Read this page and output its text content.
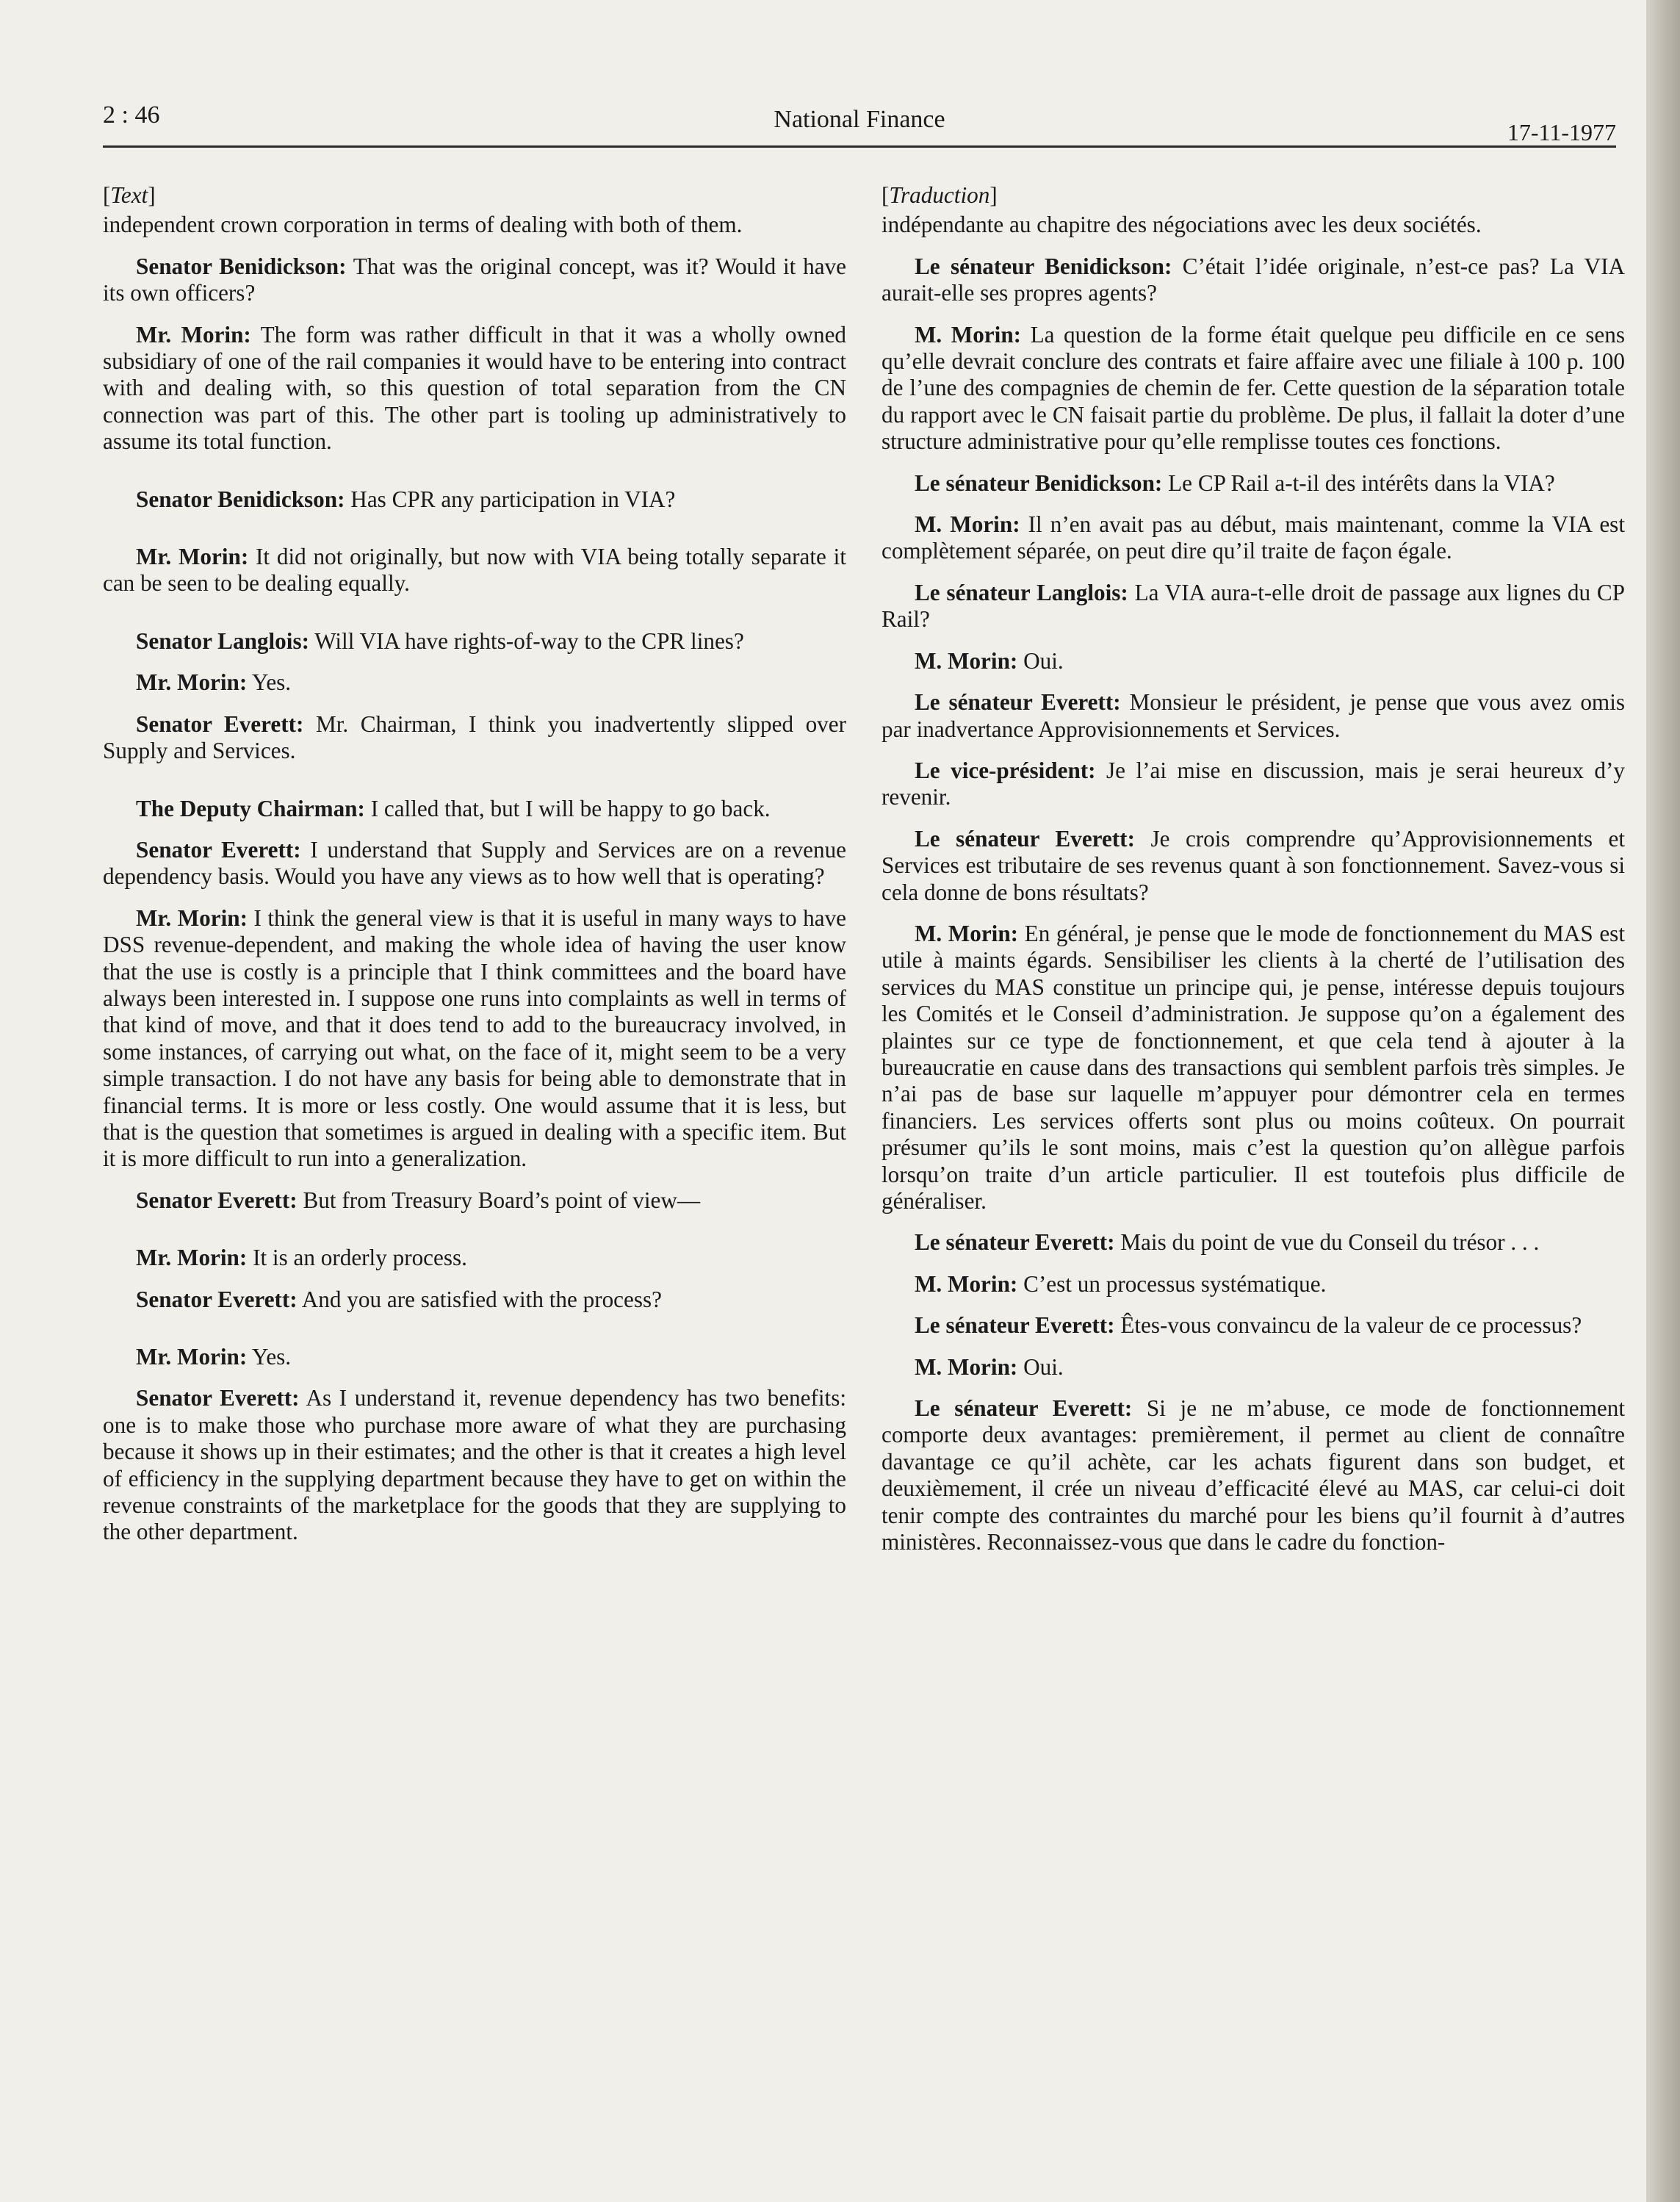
2 : 46	National Finance	17-11-1977

[Text]

independent crown corporation in terms of dealing with both of them.

Senator Benidickson: That was the original concept, was it? Would it have its own officers?

Mr. Morin: The form was rather difficult in that it was a wholly owned subsidiary of one of the rail companies it would have to be entering into contract with and dealing with, so this question of total separation from the CN connection was part of this. The other part is tooling up administratively to assume its total function.

Senator Benidickson: Has CPR any participation in VIA?

Mr. Morin: It did not originally, but now with VIA being totally separate it can be seen to be dealing equally.

Senator Langlois: Will VIA have rights-of-way to the CPR lines?

Mr. Morin: Yes.

Senator Everett: Mr. Chairman, I think you inadvertently slipped over Supply and Services.

The Deputy Chairman: I called that, but I will be happy to go back.

Senator Everett: I understand that Supply and Services are on a revenue dependency basis. Would you have any views as to how well that is operating?

Mr. Morin: I think the general view is that it is useful in many ways to have DSS revenue-dependent, and making the whole idea of having the user know that the use is costly is a principle that I think committees and the board have always been interested in. I suppose one runs into complaints as well in terms of that kind of move, and that it does tend to add to the bureaucracy involved, in some instances, of carrying out what, on the face of it, might seem to be a very simple transaction. I do not have any basis for being able to demonstrate that in financial terms. It is more or less costly. One would assume that it is less, but that is the question that sometimes is argued in dealing with a specific item. But it is more difficult to run into a generalization.

Senator Everett: But from Treasury Board’s point of view—

Mr. Morin: It is an orderly process.

Senator Everett: And you are satisfied with the process?

Mr. Morin: Yes.

Senator Everett: As I understand it, revenue dependency has two benefits: one is to make those who purchase more aware of what they are purchasing because it shows up in their estimates; and the other is that it creates a high level of efficiency in the supplying department because they have to get on within the revenue constraints of the marketplace for the goods that they are supplying to the other department.

[Traduction]

indépendante au chapitre des négociations avec les deux sociétés.

Le sénateur Benidickson: C’était l’idée originale, n’est-ce pas? La VIA aurait-elle ses propres agents?

M. Morin: La question de la forme était quelque peu difficile en ce sens qu’elle devrait conclure des contrats et faire affaire avec une filiale à 100 p. 100 de l’une des compagnies de chemin de fer. Cette question de la séparation totale du rapport avec le CN faisait partie du problème. De plus, il fallait la doter d’une structure administrative pour qu’elle remplisse toutes ces fonctions.

Le sénateur Benidickson: Le CP Rail a-t-il des intérêts dans la VIA?

M. Morin: Il n’en avait pas au début, mais maintenant, comme la VIA est complètement séparée, on peut dire qu’il traite de façon égale.

Le sénateur Langlois: La VIA aura-t-elle droit de passage aux lignes du CP Rail?

M. Morin: Oui.

Le sénateur Everett: Monsieur le président, je pense que vous avez omis par inadvertance Approvisionnements et Services.

Le vice-président: Je l’ai mise en discussion, mais je serai heureux d’y revenir.

Le sénateur Everett: Je crois comprendre qu’Approvisionnements et Services est tributaire de ses revenus quant à son fonctionnement. Savez-vous si cela donne de bons résultats?

M. Morin: En général, je pense que le mode de fonctionnement du MAS est utile à maints égards. Sensibiliser les clients à la cherté de l’utilisation des services du MAS constitue un principe qui, je pense, intéresse depuis toujours les Comités et le Conseil d’administration. Je suppose qu’on a également des plaintes sur ce type de fonctionnement, et que cela tend à ajouter à la bureaucratie en cause dans des transactions qui semblent parfois très simples. Je n’ai pas de base sur laquelle m’appuyer pour démontrer cela en termes financiers. Les services offerts sont plus ou moins coûteux. On pourrait présumer qu’ils le sont moins, mais c’est la question qu’on allègue parfois lorsqu’on traite d’un article particulier. Il est toutefois plus difficile de généraliser.

Le sénateur Everett: Mais du point de vue du Conseil du trésor . . .

M. Morin: C’est un processus systématique.

Le sénateur Everett: Êtes-vous convaincu de la valeur de ce processus?

M. Morin: Oui.

Le sénateur Everett: Si je ne m’abuse, ce mode de fonctionnement comporte deux avantages: premièrement, il permet au client de connaître davantage ce qu’il achète, car les achats figurent dans son budget, et deuxièmement, il crée un niveau d’efficacité élevé au MAS, car celui-ci doit tenir compte des contraintes du marché pour les biens qu’il fournit à d’autres ministères. Reconnaissez-vous que dans le cadre du fonction-
